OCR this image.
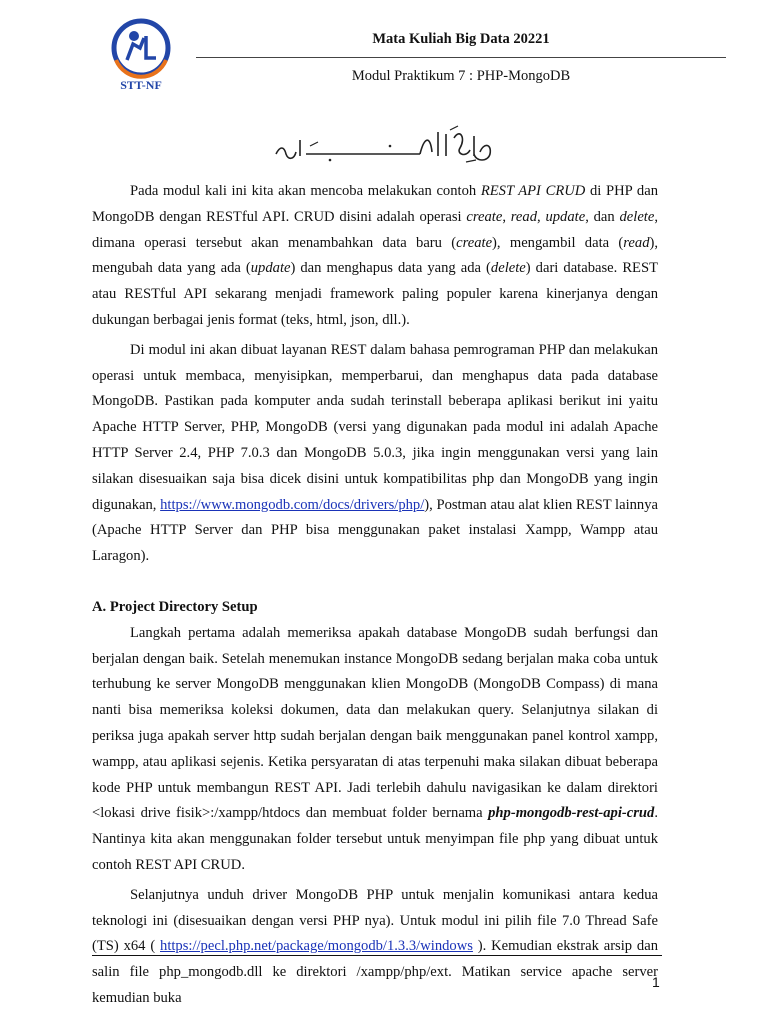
STT-NF
Mata Kuliah Big Data 20221
Modul Praktikum 7 : PHP-MongoDB

Pada modul kali ini kita akan mencoba melakukan contoh REST API CRUD di PHP dan MongoDB dengan RESTful API. CRUD disini adalah operasi create, read, update, dan delete, dimana operasi tersebut akan menambahkan data baru (create), mengambil data (read), mengubah data yang ada (update) dan menghapus data yang ada (delete) dari database. REST atau RESTful API sekarang menjadi framework paling populer karena kinerjanya dengan dukungan berbagai jenis format (teks, html, json, dll.).

Di modul ini akan dibuat layanan REST dalam bahasa pemrograman PHP dan melakukan operasi untuk membaca, menyisipkan, memperbarui, dan menghapus data pada database MongoDB. Pastikan pada komputer anda sudah terinstall beberapa aplikasi berikut ini yaitu Apache HTTP Server, PHP, MongoDB (versi yang digunakan pada modul ini adalah Apache HTTP Server 2.4, PHP 7.0.3 dan MongoDB 5.0.3, jika ingin menggunakan versi yang lain silakan disesuaikan saja bisa dicek disini untuk kompatibilitas php dan MongoDB yang ingin digunakan, https://www.mongodb.com/docs/drivers/php/), Postman atau alat klien REST lainnya (Apache HTTP Server dan PHP bisa menggunakan paket instalasi Xampp, Wampp atau Laragon).

A. Project Directory Setup

Langkah pertama adalah memeriksa apakah database MongoDB sudah berfungsi dan berjalan dengan baik. Setelah menemukan instance MongoDB sedang berjalan maka coba untuk terhubung ke server MongoDB menggunakan klien MongoDB (MongoDB Compass) di mana nanti bisa memeriksa koleksi dokumen, data dan melakukan query. Selanjutnya silakan di periksa juga apakah server http sudah berjalan dengan baik menggunakan panel kontrol xampp, wampp, atau aplikasi sejenis. Ketika persyaratan di atas terpenuhi maka silakan dibuat beberapa kode PHP untuk membangun REST API. Jadi terlebih dahulu navigasikan ke dalam direktori <lokasi drive fisik>:/xampp/htdocs dan membuat folder bernama php-mongodb-rest-api-crud. Nantinya kita akan menggunakan folder tersebut untuk menyimpan file php yang dibuat untuk contoh REST API CRUD.

Selanjutnya unduh driver MongoDB PHP untuk menjalin komunikasi antara kedua teknologi ini (disesuaikan dengan versi PHP nya). Untuk modul ini pilih file 7.0 Thread Safe (TS) x64 ( https://pecl.php.net/package/mongodb/1.3.3/windows ). Kemudian ekstrak arsip dan salin file php_mongodb.dll ke direktori /xampp/php/ext. Matikan service apache server kemudian buka

1
